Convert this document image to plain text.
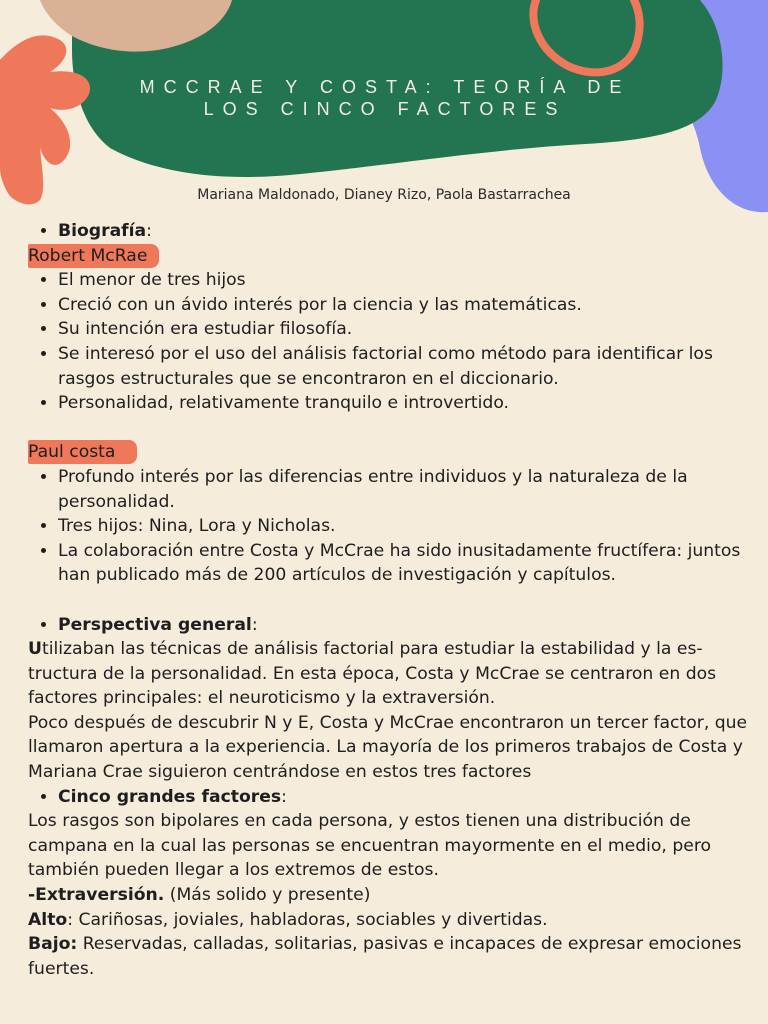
MCCRAE Y COSTA: TEORÍA DE
LOS CINCO FACTORES

Mariana Maldonado, Dianey Rizo, Paola Bastarrachea

• Biografía:
Robert McRae
• El menor de tres hijos
• Creció con un ávido interés por la ciencia y las matemáticas.
• Su intención era estudiar filosofía.
• Se interesó por el uso del análisis factorial como método para identificar los rasgos estructurales que se encontraron en el diccionario.
• Personalidad, relativamente tranquilo e introvertido.
Paul costa
• Profundo interés por las diferencias entre individuos y la naturaleza de la personalidad.
• Tres hijos: Nina, Lora y Nicholas.
• La colaboración entre Costa y McCrae ha sido inusitadamente fructífera: juntos han publicado más de 200 artículos de investigación y capítulos.
• Perspectiva general:

Utilizaban las técnicas de análisis factorial para estudiar la estabilidad y la es-tructura de la personalidad. En esta época, Costa y McCrae se centraron en dos factores principales: el neuroticismo y la extraversión.

Poco después de descubrir N y E, Costa y McCrae encontraron un tercer factor, que llamaron apertura a la experiencia. La mayoría de los primeros trabajos de Costa y Mariana Crae siguieron centrándose en estos tres factores

• Cinco grandes factores:

Los rasgos son bipolares en cada persona, y estos tienen una distribución de campana en la cual las personas se encuentran mayormente en el medio, pero también pueden llegar a los extremos de estos.

-Extraversión. (Más solido y presente)

Alto: Cariñosas, joviales, habladoras, sociables y divertidas.

Bajo: Reservadas, calladas, solitarias, pasivas e incapaces de expresar emociones fuertes.
